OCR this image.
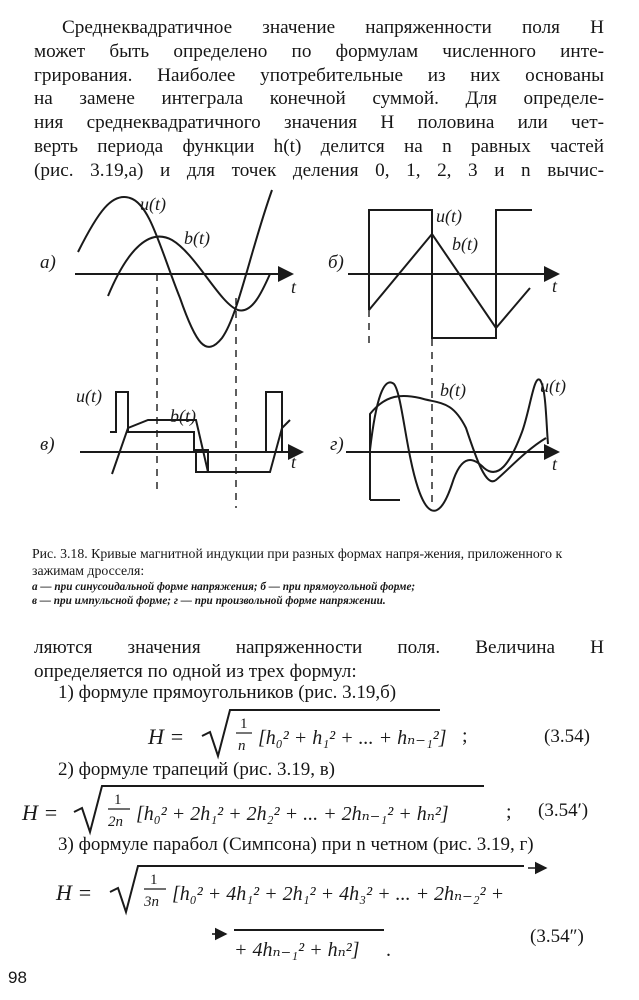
Среднеквадратичное значение напряженности поля H
может быть определено по формулам численного инте-
грирования. Наиболее употребительные из них основаны
на замене интеграла конечной суммой. Для определе-
ния среднеквадратичного значения H половина или чет-
верть периода функции h(t) делится на n равных частей
(рис. 3.19,а) и для точек деления 0, 1, 2, 3 и n вычис-
а)
u(t)
b(t)
t
б)
u(t)
b(t)
t
в)
u(t)
b(t)
t
г)
b(t)	u(t)
t
Рис. 3.18. Кривые магнитной индукции при разных формах напря-жения, приложенного к зажимам дросселя:
а — при синусоидальной форме напряжения; б — при прямоугольной форме;
в — при импульсной форме; г — при произвольной форме напряжении.
ляются значения напряженности поля. Величина H
определяется по одной из трех формул:
1) формуле прямоугольников (рис. 3.19,б)
H =	1
n [h₀² + h₁² + ... + hₙ₋₁²] ;	(3.54)
2) формуле трапеций (рис. 3.19, в)
H =	1
2n [h₀² + 2h₁² + 2h₂² + ... + 2hₙ₋₁² + hₙ²]	; (3.54′)
3) формуле парабол (Симпсона) при n четном (рис. 3.19, г)
H =	1
3n [h₀² + 4h₁² + 2h₁² + 4h₃² + ... + 2hₙ₋₂² +
+ 4hₙ₋₁² + hₙ²] .
(3.54″)
98
